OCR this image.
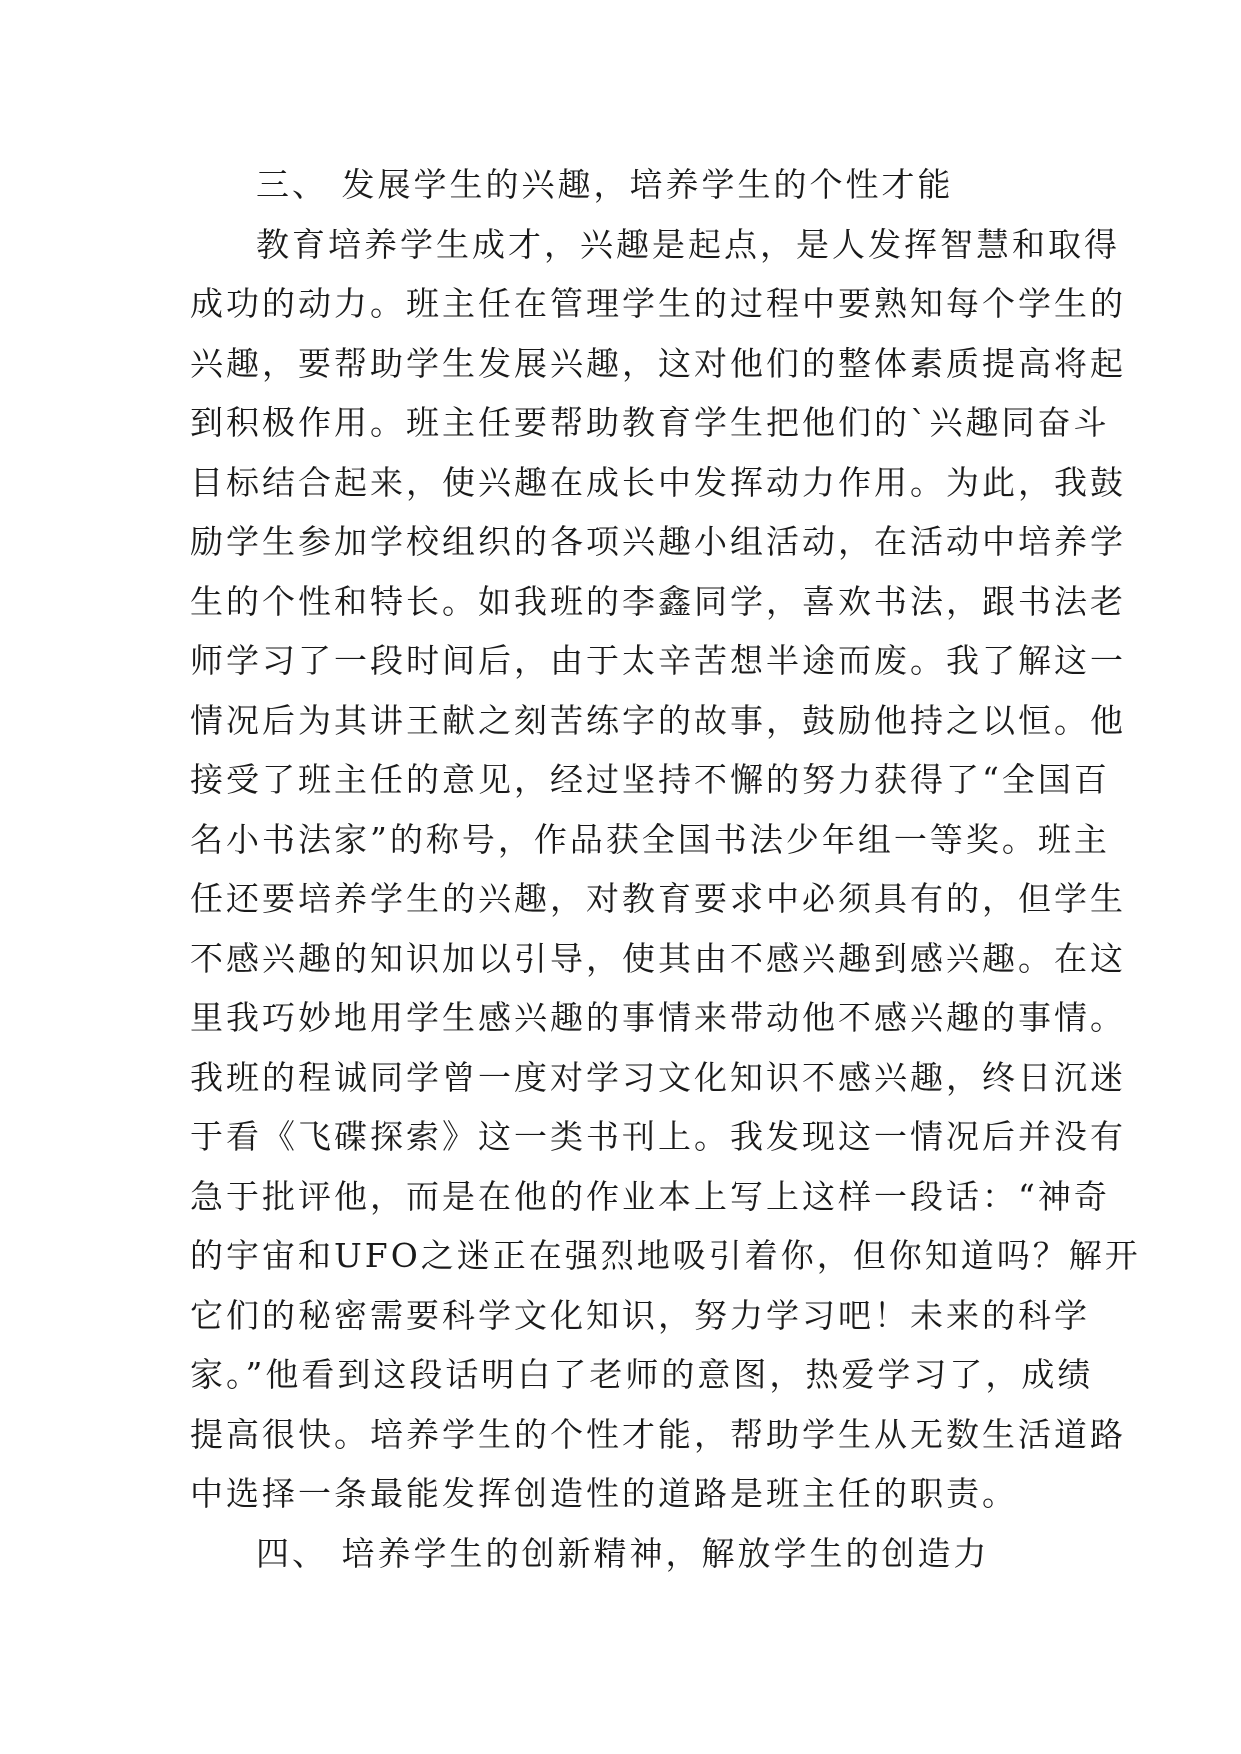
三、 发展学生的兴趣，培养学生的个性才能
教育培养学生成才，兴趣是起点，是人发挥智慧和取得
成功的动力。班主任在管理学生的过程中要熟知每个学生的
兴趣，要帮助学生发展兴趣，这对他们的整体素质提高将起
到积极作用。班主任要帮助教育学生把他们的`兴趣同奋斗
目标结合起来，使兴趣在成长中发挥动力作用。为此，我鼓
励学生参加学校组织的各项兴趣小组活动，在活动中培养学
生的个性和特长。如我班的李鑫同学，喜欢书法，跟书法老
师学习了一段时间后，由于太辛苦想半途而废。我了解这一
情况后为其讲王献之刻苦练字的故事，鼓励他持之以恒。他
接受了班主任的意见，经过坚持不懈的努力获得了“全国百
名小书法家”的称号，作品获全国书法少年组一等奖。班主
任还要培养学生的兴趣，对教育要求中必须具有的，但学生
不感兴趣的知识加以引导，使其由不感兴趣到感兴趣。在这
里我巧妙地用学生感兴趣的事情来带动他不感兴趣的事情。
我班的程诚同学曾一度对学习文化知识不感兴趣，终日沉迷
于看《飞碟探索》这一类书刊上。我发现这一情况后并没有
急于批评他，而是在他的作业本上写上这样一段话：“神奇
的宇宙和UFO之迷正在强烈地吸引着你，但你知道吗？解开
它们的秘密需要科学文化知识，努力学习吧！未来的科学
家。”他看到这段话明白了老师的意图，热爱学习了，成绩
提高很快。培养学生的个性才能，帮助学生从无数生活道路
中选择一条最能发挥创造性的道路是班主任的职责。
四、 培养学生的创新精神，解放学生的创造力
